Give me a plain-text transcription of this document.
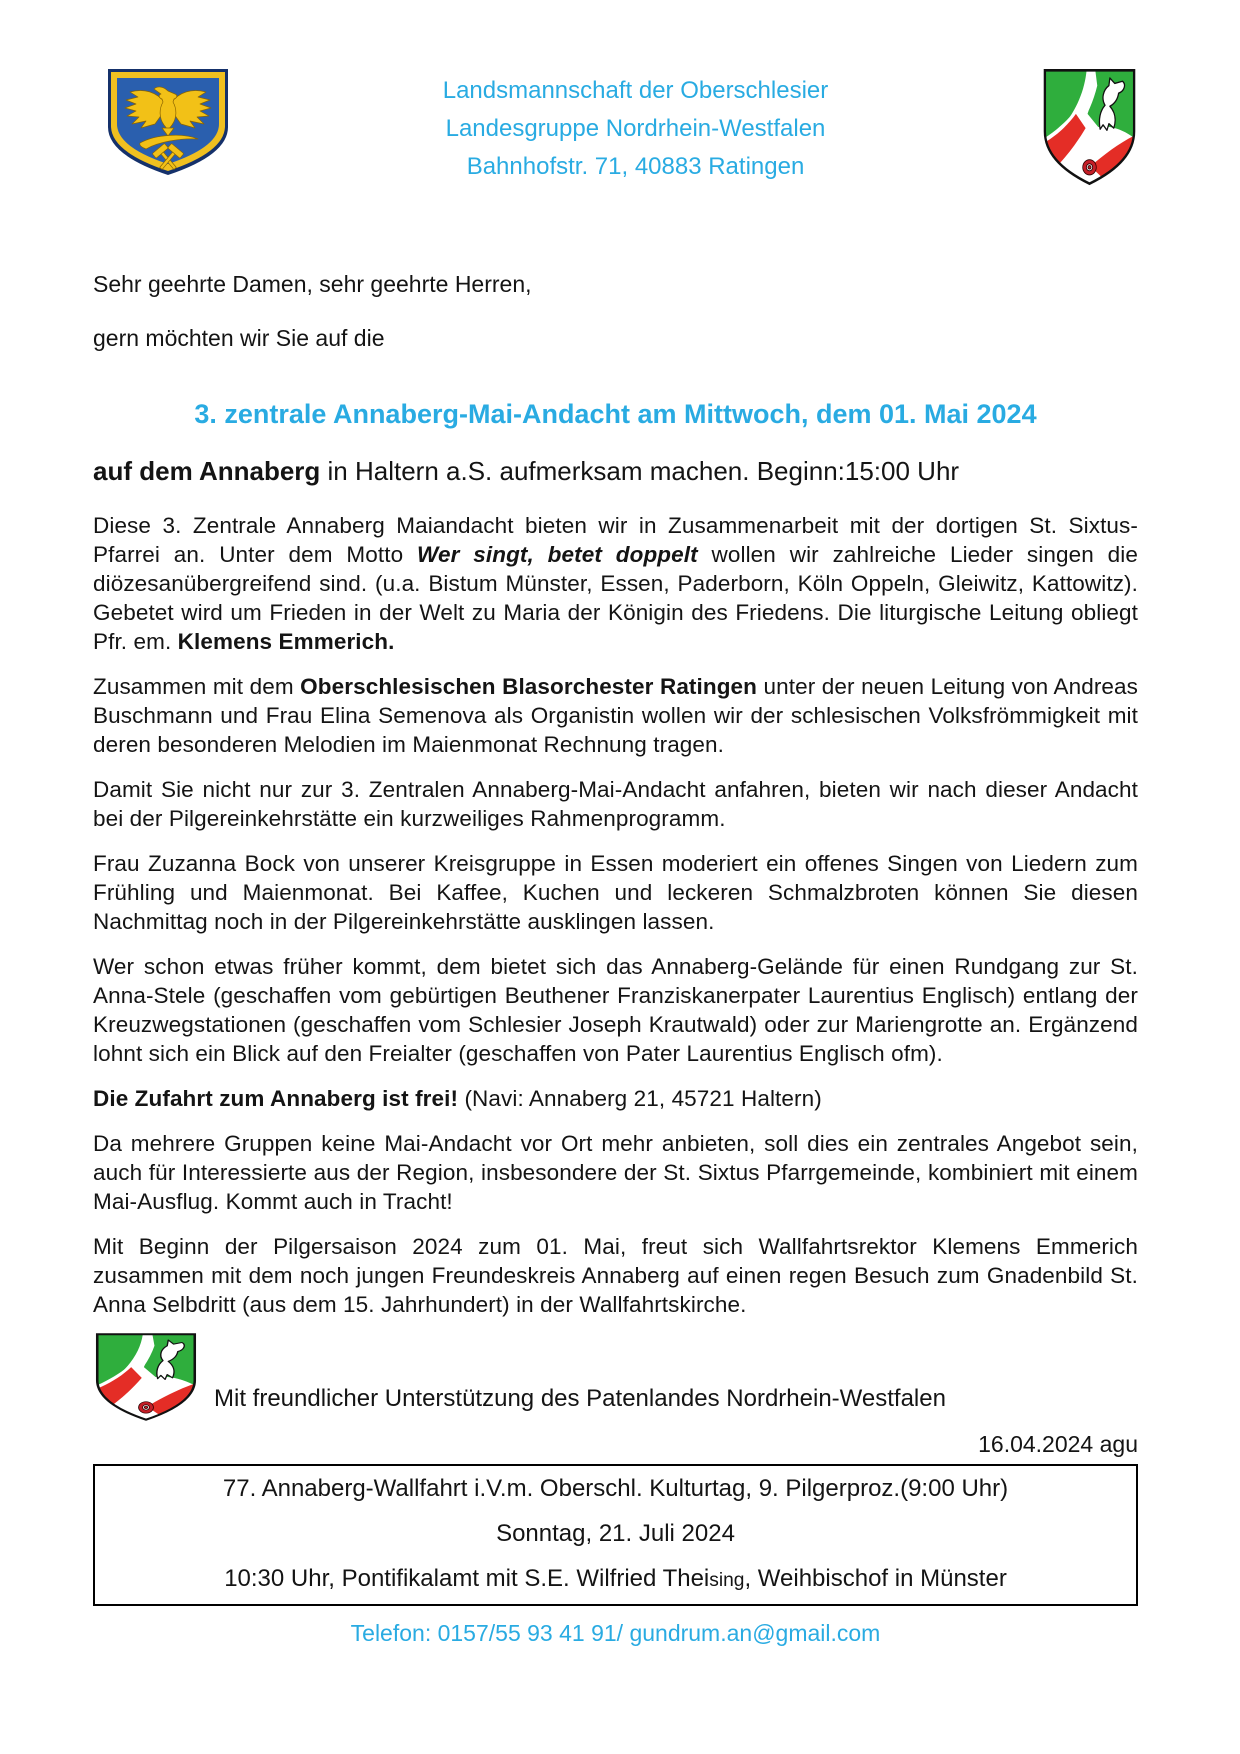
Landsmannschaft der Oberschlesier
Landesgruppe Nordrhein-Westfalen
Bahnhofstr. 71, 40883 Ratingen

Sehr geehrte Damen, sehr geehrte Herren,

gern möchten wir Sie auf die

3. zentrale Annaberg-Mai-Andacht am Mittwoch, dem 01. Mai 2024

auf dem Annaberg in Haltern a.S. aufmerksam machen. Beginn:15:00 Uhr

Diese 3. Zentrale Annaberg Maiandacht bieten wir in Zusammenarbeit mit der dortigen St. Sixtus-Pfarrei an. Unter dem Motto Wer singt, betet doppelt wollen wir zahlreiche Lieder singen die diözesanübergreifend sind. (u.a. Bistum Münster, Essen, Paderborn, Köln Oppeln, Gleiwitz, Kattowitz). Gebetet wird um Frieden in der Welt zu Maria der Königin des Friedens. Die liturgische Leitung obliegt Pfr. em. Klemens Emmerich.

Zusammen mit dem Oberschlesischen Blasorchester Ratingen unter der neuen Leitung von Andreas Buschmann und Frau Elina Semenova als Organistin wollen wir der schlesischen Volksfrömmigkeit mit deren besonderen Melodien im Maienmonat Rechnung tragen.

Damit Sie nicht nur zur 3. Zentralen Annaberg-Mai-Andacht anfahren, bieten wir nach dieser Andacht bei der Pilgereinkehrstätte ein kurzweiliges Rahmenprogramm.

Frau Zuzanna Bock von unserer Kreisgruppe in Essen moderiert ein offenes Singen von Liedern zum Frühling und Maienmonat. Bei Kaffee, Kuchen und leckeren Schmalzbroten können Sie diesen Nachmittag noch in der Pilgereinkehrstätte ausklingen lassen.

Wer schon etwas früher kommt, dem bietet sich das Annaberg-Gelände für einen Rundgang zur St. Anna-Stele (geschaffen vom gebürtigen Beuthener Franziskanerpater Laurentius Englisch) entlang der Kreuzwegstationen (geschaffen vom Schlesier Joseph Krautwald) oder zur Mariengrotte an. Ergänzend lohnt sich ein Blick auf den Freialter (geschaffen von Pater Laurentius Englisch ofm).

Die Zufahrt zum Annaberg ist frei! (Navi: Annaberg 21, 45721 Haltern)

Da mehrere Gruppen keine Mai-Andacht vor Ort mehr anbieten, soll dies ein zentrales Angebot sein, auch für Interessierte aus der Region, insbesondere der St. Sixtus Pfarrgemeinde, kombiniert mit einem Mai-Ausflug. Kommt auch in Tracht!

Mit Beginn der Pilgersaison 2024 zum 01. Mai, freut sich Wallfahrtsrektor Klemens Emmerich zusammen mit dem noch jungen Freundeskreis Annaberg auf einen regen Besuch zum Gnadenbild St. Anna Selbdritt (aus dem 15. Jahrhundert) in der Wallfahrtskirche.

Mit freundlicher Unterstützung des Patenlandes Nordrhein-Westfalen
16.04.2024 agu

77. Annaberg-Wallfahrt i.V.m. Oberschl. Kulturtag, 9. Pilgerproz.(9:00 Uhr)

Sonntag, 21. Juli 2024

10:30 Uhr, Pontifikalamt mit S.E. Wilfried Theising, Weihbischof in Münster

Telefon: 0157/55 93 41 91/ gundrum.an@gmail.com
